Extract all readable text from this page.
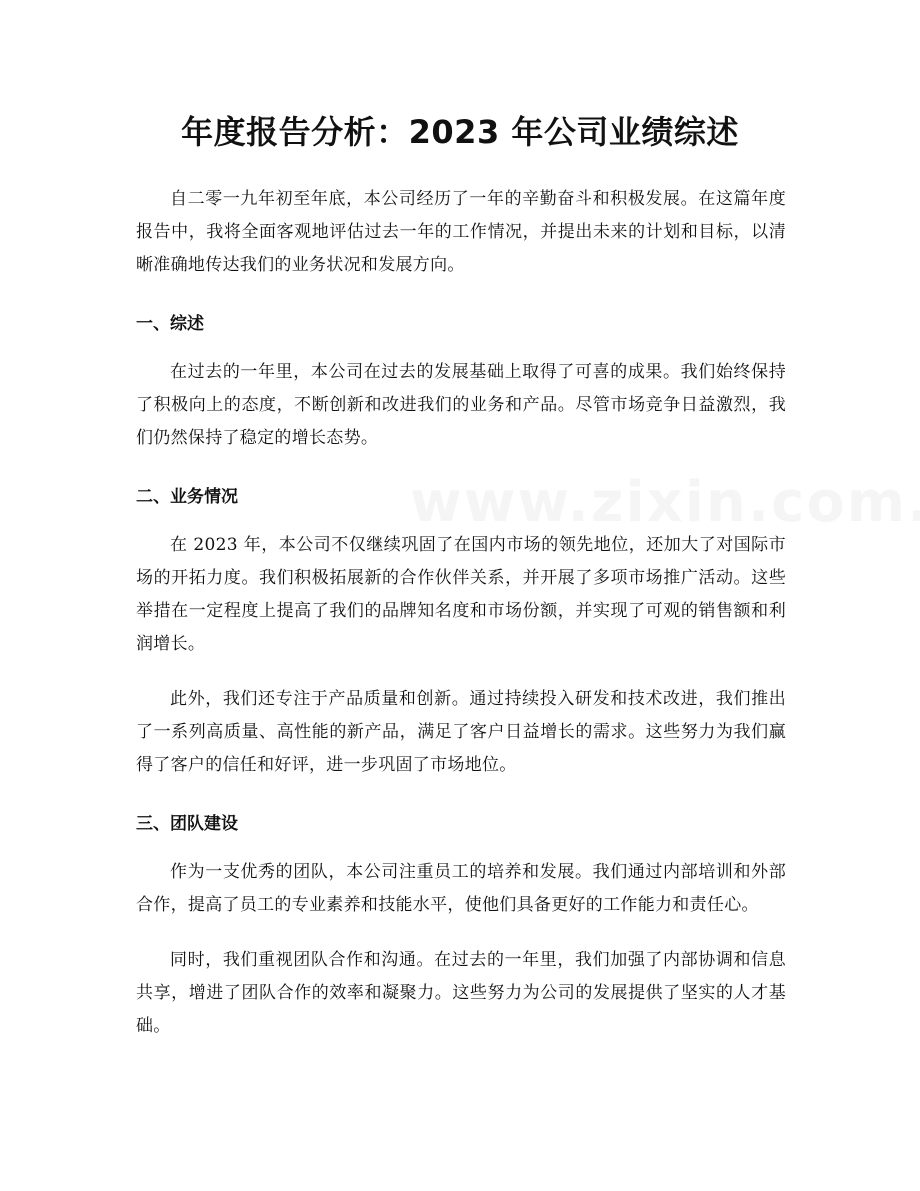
年度报告分析：2023 年公司业绩综述

自二零一九年初至年底，本公司经历了一年的辛勤奋斗和积极发展。在这篇年度报告中，我将全面客观地评估过去一年的工作情况，并提出未来的计划和目标，以清晰准确地传达我们的业务状况和发展方向。

一、综述

在过去的一年里，本公司在过去的发展基础上取得了可喜的成果。我们始终保持了积极向上的态度，不断创新和改进我们的业务和产品。尽管市场竞争日益激烈，我们仍然保持了稳定的增长态势。

二、业务情况

在 2023 年，本公司不仅继续巩固了在国内市场的领先地位，还加大了对国际市场的开拓力度。我们积极拓展新的合作伙伴关系，并开展了多项市场推广活动。这些举措在一定程度上提高了我们的品牌知名度和市场份额，并实现了可观的销售额和利润增长。

此外，我们还专注于产品质量和创新。通过持续投入研发和技术改进，我们推出了一系列高质量、高性能的新产品，满足了客户日益增长的需求。这些努力为我们赢得了客户的信任和好评，进一步巩固了市场地位。

三、团队建设

作为一支优秀的团队，本公司注重员工的培养和发展。我们通过内部培训和外部合作，提高了员工的专业素养和技能水平，使他们具备更好的工作能力和责任心。

同时，我们重视团队合作和沟通。在过去的一年里，我们加强了内部协调和信息共享，增进了团队合作的效率和凝聚力。这些努力为公司的发展提供了坚实的人才基础。
